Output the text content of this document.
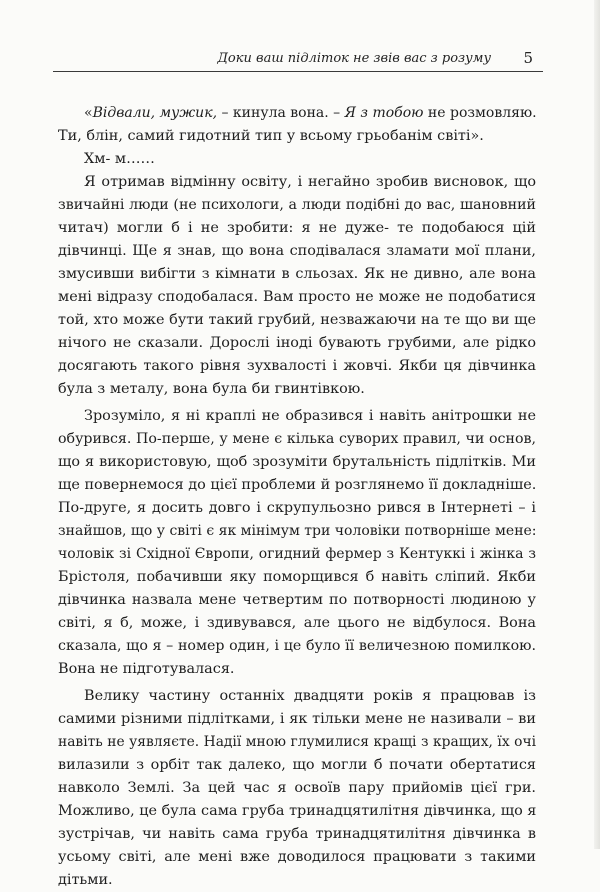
Доки ваш підліток не звів вас з розуму 5
«Відвали, мужик, – кинула вона. – Я з тобою не розмовляю.
Ти, блін, самий гидотний тип у всьому грьобанім світі».
Хм- м……
Я отримав відмінну освіту, і негайно зробив висновок, що
звичайні люди (не психологи, а люди подібні до вас, шановний
читач) могли б і не зробити: я не дуже- те подобаюся цій
дівчинці. Ще я знав, що вона сподівалася зламати мої плани,
змусивши вибігти з кімнати в сльозах. Як не дивно, але вона
мені відразу сподобалася. Вам просто не може не подобатися
той, хто може бути такий грубий, незважаючи на те що ви ще
нічого не сказали. Дорослі іноді бувають грубими, але рідко
досягають такого рівня зухвалості і жовчі. Якби ця дівчинка
була з металу, вона була би гвинтівкою.
Зрозуміло, я ні краплі не образився і навіть анітрошки не
обурився. По-перше, у мене є кілька суворих правил, чи основ,
що я використовую, щоб зрозуміти брутальність підлітків. Ми
ще повернемося до цієї проблеми й розглянемо її докладніше.
По-друге, я досить довго і скрупульозно рився в Інтернеті – і
знайшов, що у світі є як мінімум три чоловіки потворніше мене:
чоловік зі Східної Європи, огидний фермер з Кентуккі і жінка з
Брістоля, побачивши яку поморщився б навіть сліпий. Якби
дівчинка назвала мене четвертим по потворності людиною у
світі, я б, може, і здивувався, але цього не відбулося. Вона
сказала, що я – номер один, і це було її величезною помилкою.
Вона не підготувалася.
Велику частину останніх двадцяти років я працював із
самими різними підлітками, і як тільки мене не називали – ви
навіть не уявляєте. Надії мною глумилися кращі з кращих, їх очі
вилазили з орбіт так далеко, що могли б почати обертатися
навколо Землі. За цей час я освоїв пару прийомів цієї гри.
Можливо, це була сама груба тринадцятилітня дівчинка, що я
зустрічав, чи навіть сама груба тринадцятилітня дівчинка в
усьому світі, але мені вже доводилося працювати з такими
дітьми.
